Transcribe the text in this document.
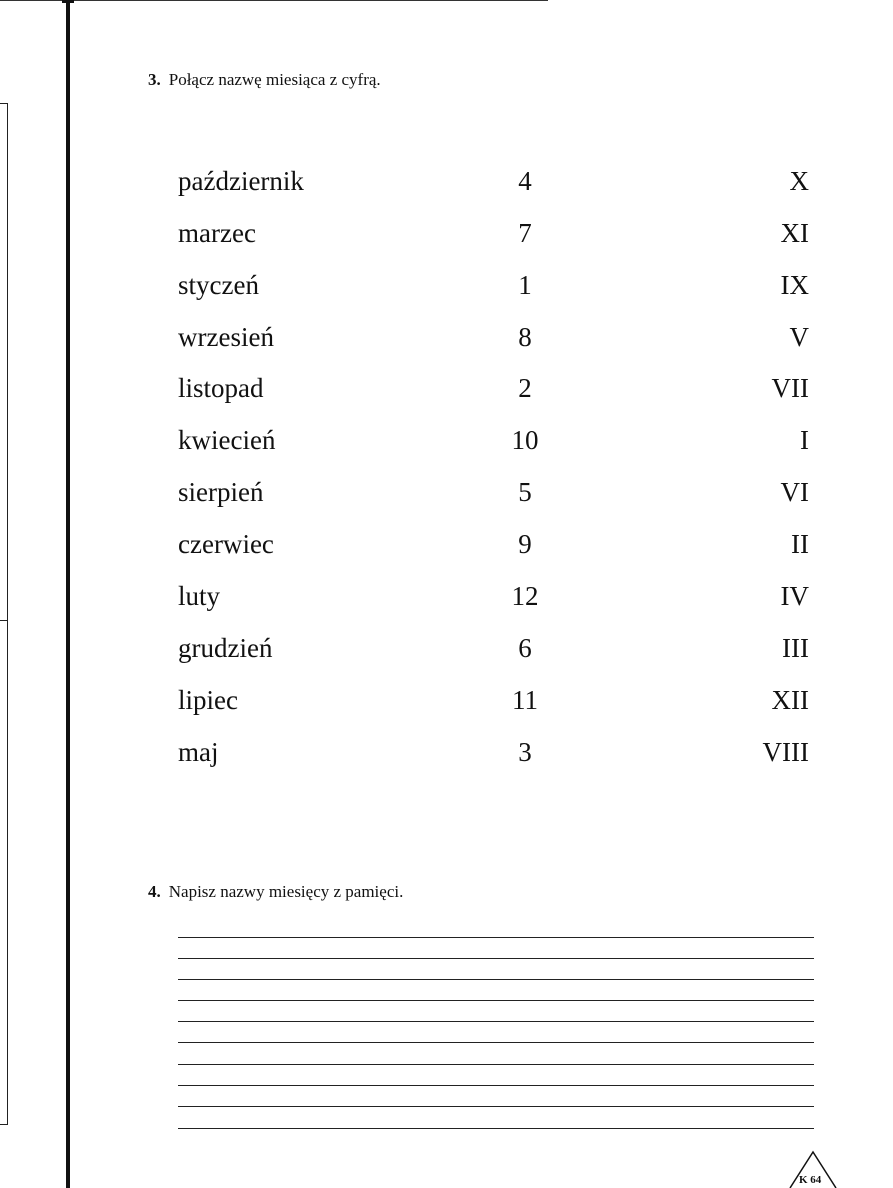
3. Połącz nazwę miesiąca z cyfrą.
październik
marzec
styczeń
wrzesień
listopad
kwiecień
sierpień
czerwiec
luty
grudzień
lipiec
maj
4
7
1
8
2
10
5
9
12
6
11
3
X
XI
IX
V
VII
I
VI
II
IV
III
XII
VIII
4. Napisz nazwy miesięcy z pamięci.
K 64
